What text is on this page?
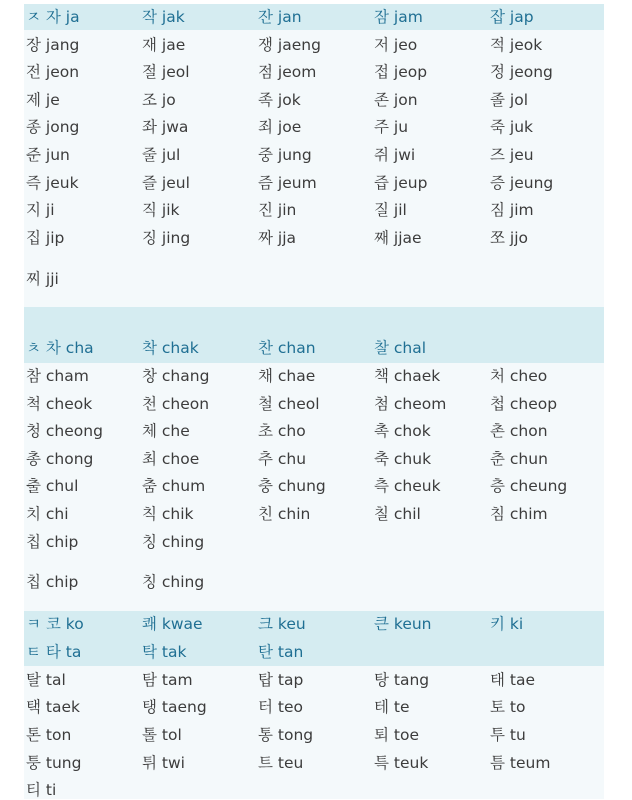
ㅈ 자 ja	작 jak	잔 jan	잠 jam	잡 jap
장 jang	재 jae	쟁 jaeng	저 jeo	적 jeok
전 jeon	절 jeol	점 jeom	접 jeop	정 jeong
제 je	조 jo	족 jok	존 jon	졸 jol
종 jong	좌 jwa	죄 joe	주 ju	죽 juk
준 jun	줄 jul	중 jung	쥐 jwi	즈 jeu
즉 jeuk	즐 jeul	즘 jeum	즙 jeup	증 jeung
지 ji	직 jik	진 jin	질 jil	짐 jim
집 jip	징 jing	짜 jja	째 jjae	쪼 jjo
찌 jji
ㅊ 차 cha	착 chak	찬 chan	찰 chal
참 cham	창 chang	채 chae	책 chaek	처 cheo
척 cheok	천 cheon	철 cheol	첨 cheom	첩 cheop
청 cheong	체 che	초 cho	촉 chok	촌 chon
총 chong	최 choe	추 chu	축 chuk	춘 chun
출 chul	춤 chum	충 chung	측 cheuk	층 cheung
치 chi	칙 chik	친 chin	칠 chil	침 chim
칩 chip	칭 ching
칩 chip	칭 ching
ㅋ 코 ko	쾌 kwae	크 keu	큰 keun	키 ki
ㅌ 타 ta	탁 tak	탄 tan
탈 tal	탐 tam	탑 tap	탕 tang	태 tae
택 taek	탱 taeng	터 teo	테 te	토 to
톤 ton	톨 tol	통 tong	퇴 toe	투 tu
퉁 tung	튀 twi	트 teu	특 teuk	틈 teum
티 ti
